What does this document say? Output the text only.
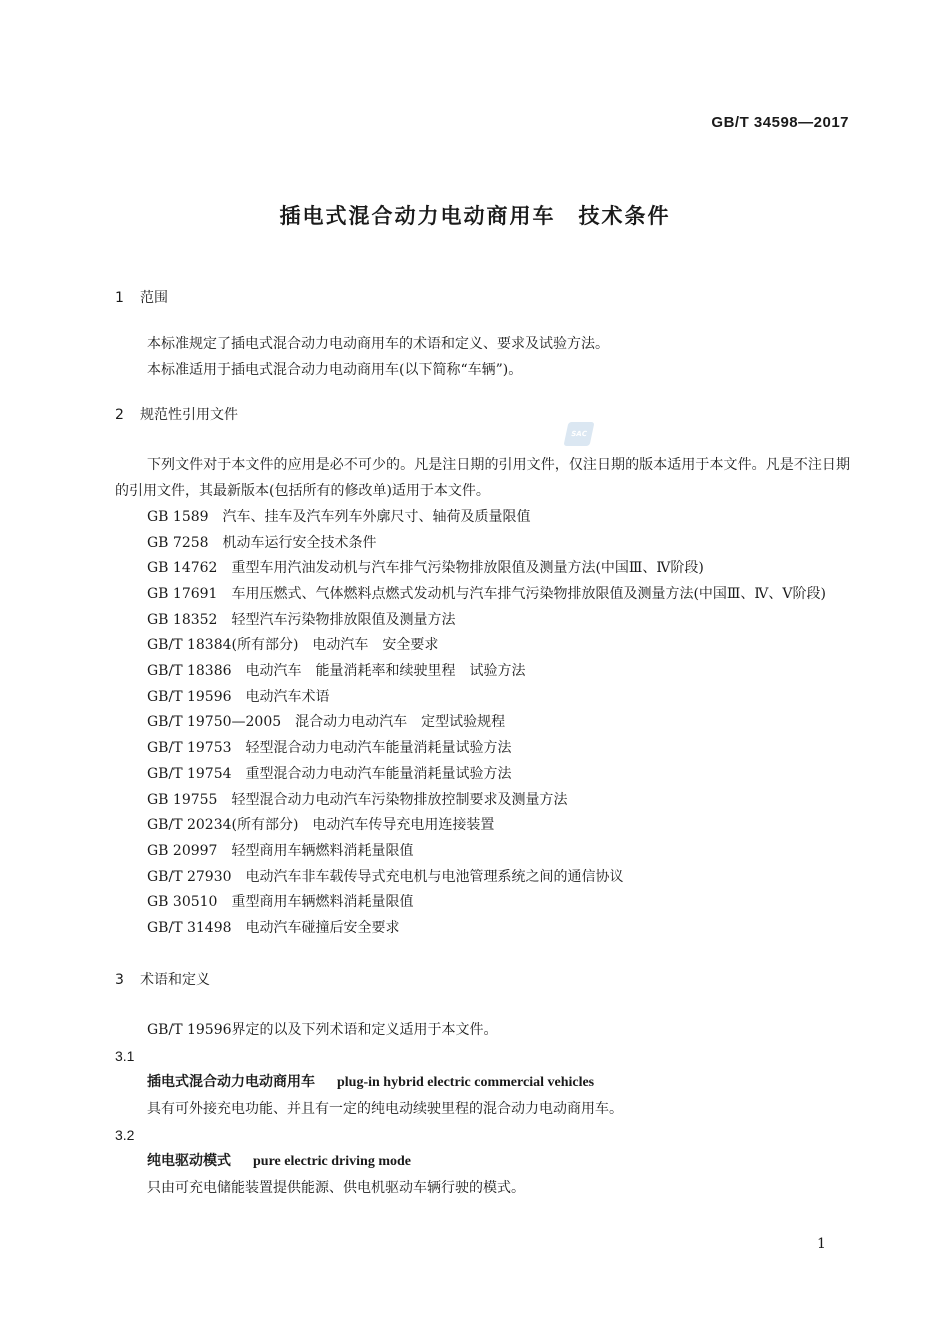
GB/T 34598—2017
插电式混合动力电动商用车　技术条件
SAC
1 范围

本标准规定了插电式混合动力电动商用车的术语和定义、要求及试验方法。

本标准适用于插电式混合动力电动商用车(以下简称“车辆”)。

2 规范性引用文件

下列文件对于本文件的应用是必不可少的。凡是注日期的引用文件，仅注日期的版本适用于本文件。凡是不注日期的引用文件，其最新版本(包括所有的修改单)适用于本文件。

GB 1589　汽车、挂车及汽车列车外廓尺寸、轴荷及质量限值
GB 7258　机动车运行安全技术条件
GB 14762　重型车用汽油发动机与汽车排气污染物排放限值及测量方法(中国Ⅲ、Ⅳ阶段)
GB 17691　车用压燃式、气体燃料点燃式发动机与汽车排气污染物排放限值及测量方法(中国Ⅲ、Ⅳ、Ⅴ阶段)
GB 18352　轻型汽车污染物排放限值及测量方法
GB/T 18384(所有部分)　电动汽车　安全要求
GB/T 18386　电动汽车　能量消耗率和续驶里程　试验方法
GB/T 19596　电动汽车术语
GB/T 19750—2005　混合动力电动汽车　定型试验规程
GB/T 19753　轻型混合动力电动汽车能量消耗量试验方法
GB/T 19754　重型混合动力电动汽车能量消耗量试验方法
GB 19755　轻型混合动力电动汽车污染物排放控制要求及测量方法
GB/T 20234(所有部分)　电动汽车传导充电用连接装置
GB 20997　轻型商用车辆燃料消耗量限值
GB/T 27930　电动汽车非车载传导式充电机与电池管理系统之间的通信协议
GB 30510　重型商用车辆燃料消耗量限值
GB/T 31498　电动汽车碰撞后安全要求
3 术语和定义

GB/T 19596界定的以及下列术语和定义适用于本文件。

3.1
插电式混合动力电动商用车 plug-in hybrid electric commercial vehicles
具有可外接充电功能、并且有一定的纯电动续驶里程的混合动力电动商用车。
3.2
纯电驱动模式 pure electric driving mode
只由可充电储能装置提供能源、供电机驱动车辆行驶的模式。
1
